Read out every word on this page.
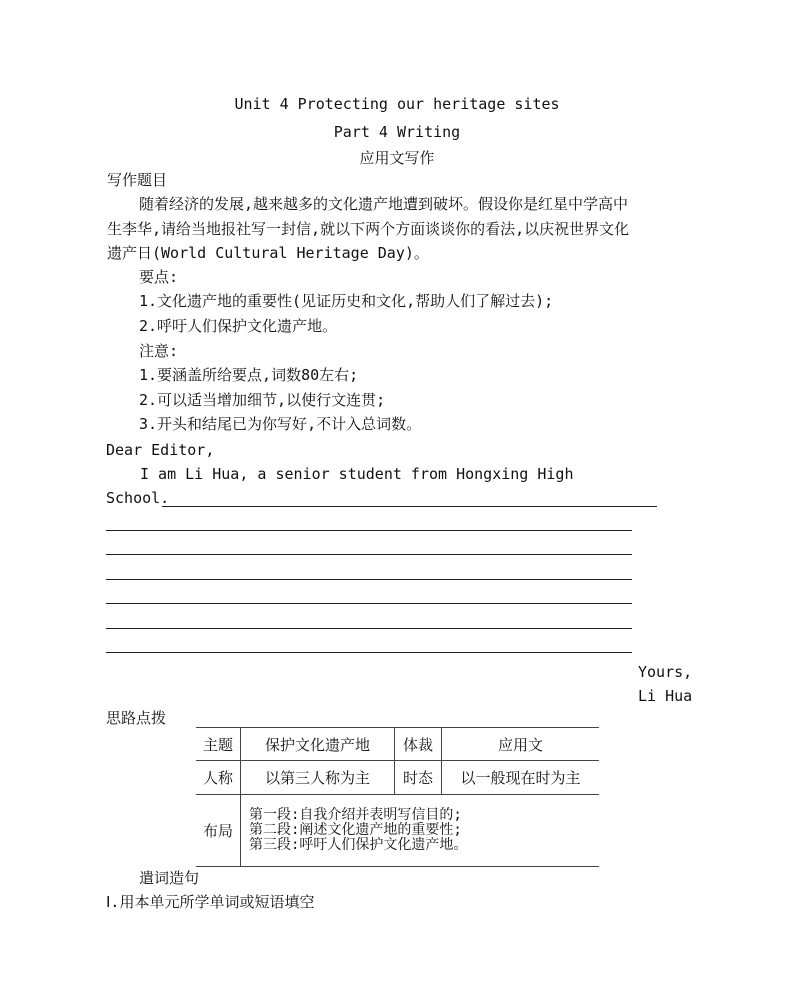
Unit 4 Protecting our heritage sites
Part 4 Writing
应用文写作
写作题目
随着经济的发展,越来越多的文化遗产地遭到破坏。假设你是红星中学高中
生李华,请给当地报社写一封信,就以下两个方面谈谈你的看法,以庆祝世界文化
遗产日(World Cultural Heritage Day)。
要点:
1.文化遗产地的重要性(见证历史和文化,帮助人们了解过去);
2.呼吁人们保护文化遗产地。
注意:
1.要涵盖所给要点,词数80左右;
2.可以适当增加细节,以使行文连贯;
3.开头和结尾已为你写好,不计入总词数。
Dear Editor,
I am Li Hua, a senior student from Hongxing High
School.
Yours,
Li Hua
思路点拨
主题	保护文化遗产地	体裁	应用文
人称	以第三人称为主	时态	以一般现在时为主
布局	第一段:自我介绍并表明写信目的;
第二段:阐述文化遗产地的重要性;
第三段:呼吁人们保护文化遗产地。		
遣词造句
Ⅰ.用本单元所学单词或短语填空
